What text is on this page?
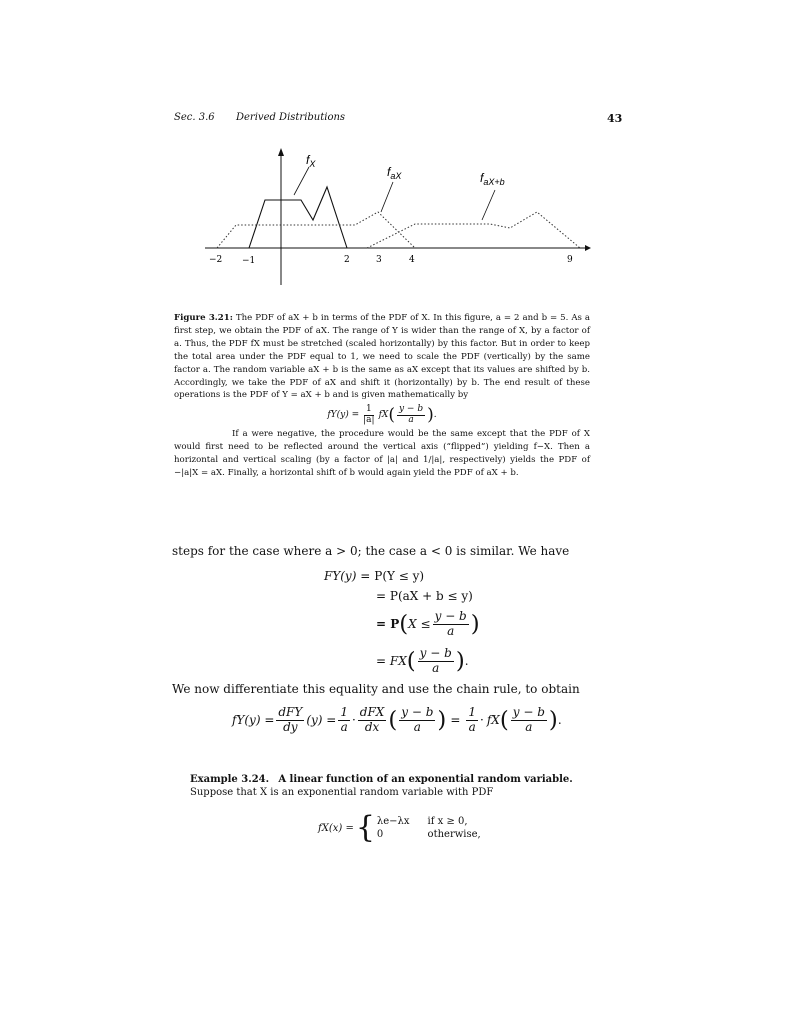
Sec. 3.6 Derived Distributions	43
$f_X$
$f_{aX}$	$f_{aX+b}$
−2 −1	2	3	4	9
Figure 3.21: The PDF of aX + b in terms of the PDF of X. In this figure, a = 2 and b = 5. As a first step, we obtain the PDF of aX. The range of Y is wider than the range of X, by a factor of a. Thus, the PDF fX must be stretched (scaled horizontally) by this factor. But in order to keep the total area under the PDF equal to 1, we need to scale the PDF (vertically) by the same factor a. The random variable aX + b is the same as aX except that its values are shifted by b. Accordingly, we take the PDF of aX and shift it (horizontally) by b. The end result of these operations is the PDF of Y = aX + b and is given mathematically by
$fY(y) = \frac{1}{|a|}$ fX ( $\frac{y - b}{a}$ ) .
If a were negative, the procedure would be the same except that the PDF of X would first need to be reflected around the vertical axis (“flipped”) yielding f−X. Then a horizontal and vertical scaling (by a factor of |a| and 1/|a|, respectively) yields the PDF of −|a|X = aX. Finally, a horizontal shift of b would again yield the PDF of aX + b.
steps for the case where a > 0; the case a < 0 is similar. We have
FY(y) = P(Y ≤ y)
= P(aX + b ≤ y)
= P ( $X \le \frac{y - b}{a}$ )
= FX ( $\frac{y - b}{a}$ ) .
We now differentiate this equality and use the chain rule, to obtain
$fY(y) = \frac{\text{dFY}}{dy} (y) = \frac{1}{a} \cdot \frac{\text{dFX}}{dx}$ ( $\frac{y - b}{a}$ ) = $\frac{1}{a}$ · fX ( $\frac{y - b}{a}$ ) .
Example 3.24. A linear function of an exponential random variable.
Suppose that X is an exponential random variable with PDF
fX(x) = { λe−λx if x ≥ 0,
0	otherwise,
